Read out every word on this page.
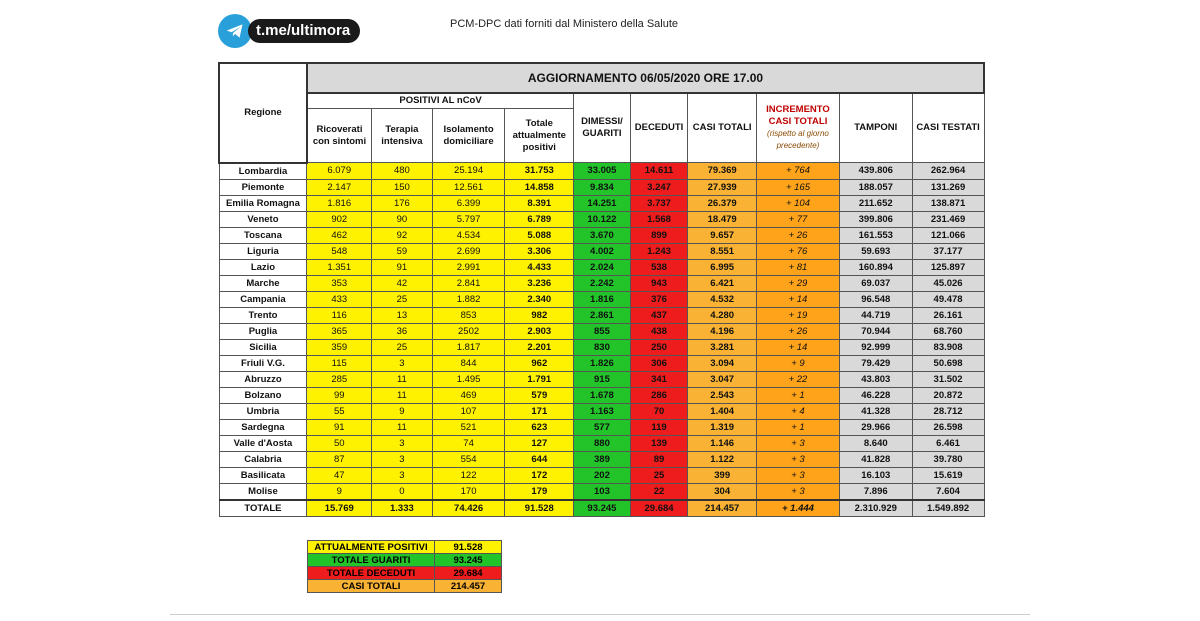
t.me/ultimora	PCM-DPC dati forniti dal Ministero della Salute
Regione	AGGIORNAMENTO 06/05/2020 ORE 17.00									
	POSITIVI AL nCoV				DIMESSI/ GUARITI	DECEDUTI	CASI TOTALI	INCREMENTO CASI TOTALI
(rispetto al giorno precedente)	TAMPONI	CASI TESTATI
	Ricoverati con sintomi	Terapia intensiva	Isolamento domiciliare	Totale attualmente positivi						
Lombardia	6.079	480	25.194	31.753	33.005	14.611	79.369	+ 764	439.806	262.964
Piemonte	2.147	150	12.561	14.858	9.834	3.247	27.939	+ 165	188.057	131.269
Emilia Romagna	1.816	176	6.399	8.391	14.251	3.737	26.379	+ 104	211.652	138.871
Veneto	902	90	5.797	6.789	10.122	1.568	18.479	+ 77	399.806	231.469
Toscana	462	92	4.534	5.088	3.670	899	9.657	+ 26	161.553	121.066
Liguria	548	59	2.699	3.306	4.002	1.243	8.551	+ 76	59.693	37.177
Lazio	1.351	91	2.991	4.433	2.024	538	6.995	+ 81	160.894	125.897
Marche	353	42	2.841	3.236	2.242	943	6.421	+ 29	69.037	45.026
Campania	433	25	1.882	2.340	1.816	376	4.532	+ 14	96.548	49.478
Trento	116	13	853	982	2.861	437	4.280	+ 19	44.719	26.161
Puglia	365	36	2502	2.903	855	438	4.196	+ 26	70.944	68.760
Sicilia	359	25	1.817	2.201	830	250	3.281	+ 14	92.999	83.908
Friuli V.G.	115	3	844	962	1.826	306	3.094	+ 9	79.429	50.698
Abruzzo	285	11	1.495	1.791	915	341	3.047	+ 22	43.803	31.502
Bolzano	99	11	469	579	1.678	286	2.543	+ 1	46.228	20.872
Umbria	55	9	107	171	1.163	70	1.404	+ 4	41.328	28.712
Sardegna	91	11	521	623	577	119	1.319	+ 1	29.966	26.598
Valle d'Aosta	50	3	74	127	880	139	1.146	+ 3	8.640	6.461
Calabria	87	3	554	644	389	89	1.122	+ 3	41.828	39.780
Basilicata	47	3	122	172	202	25	399	+ 3	16.103	15.619
Molise	9	0	170	179	103	22	304	+ 3	7.896	7.604
TOTALE	15.769	1.333	74.426	91.528	93.245	29.684	214.457	+ 1.444	2.310.929	1.549.892
ATTUALMENTE POSITIVI	91.528
TOTALE GUARITI	93.245
TOTALE DECEDUTI	29.684
CASI TOTALI	214.457
